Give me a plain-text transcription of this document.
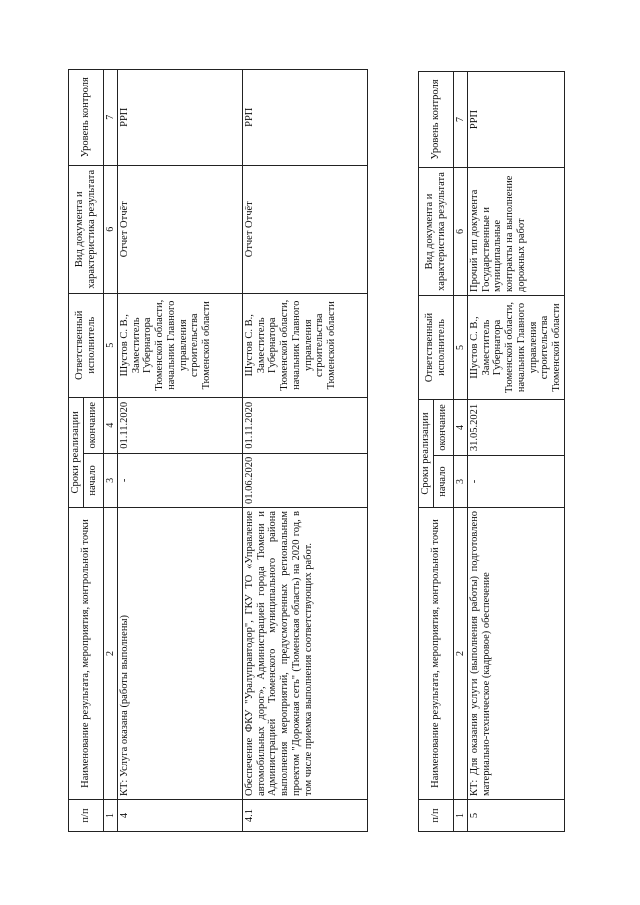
п/п	Наименование результата, мероприятия, контрольной точки	Сроки реализации		Ответственный исполнитель	Вид документа и характеристика результата	Уровень контроля
		начало	окончание			
1	2	3	4	5	6	7
4	КТ: Услуга оказана (работы выполнены)	-	01.11.2020	Шустов С. В., Заместитель Губернатора Тюменской области, начальник Главного управления строительства Тюменской области	Отчет Отчёт	РРП
4.1	Обеспечение ФКУ "Уралуправтодор", ГКУ ТО «Управление автомобильных дорог», Администрацией города Тюмени и Администрацией Тюменского муниципального района выполнения мероприятий, предусмотренных региональным проектом "Дорожная сеть" (Тюменская область) на 2020 год, в том числе приемка выполнения соответствующих работ.	01.06.2020	01.11.2020	Шустов С. В., Заместитель Губернатора Тюменской области, начальник Главного управления строительства Тюменской области	Отчет Отчёт	РРП
п/п	Наименование результата, мероприятия, контрольной точки	Сроки реализации		Ответственный исполнитель	Вид документа и характеристика результата	Уровень контроля
		начало	окончание			
1	2	3	4	5	6	7
5	КТ: Для оказания услуги (выполнения работы) подготовлено материально-техническое (кадровое) обеспечение	-	31.05.2021	Шустов С. В., Заместитель Губернатора Тюменской области, начальник Главного управления строительства Тюменской области	Прочий тип документа Государственные и муниципальные контракты на выполнение дорожных работ	РРП
